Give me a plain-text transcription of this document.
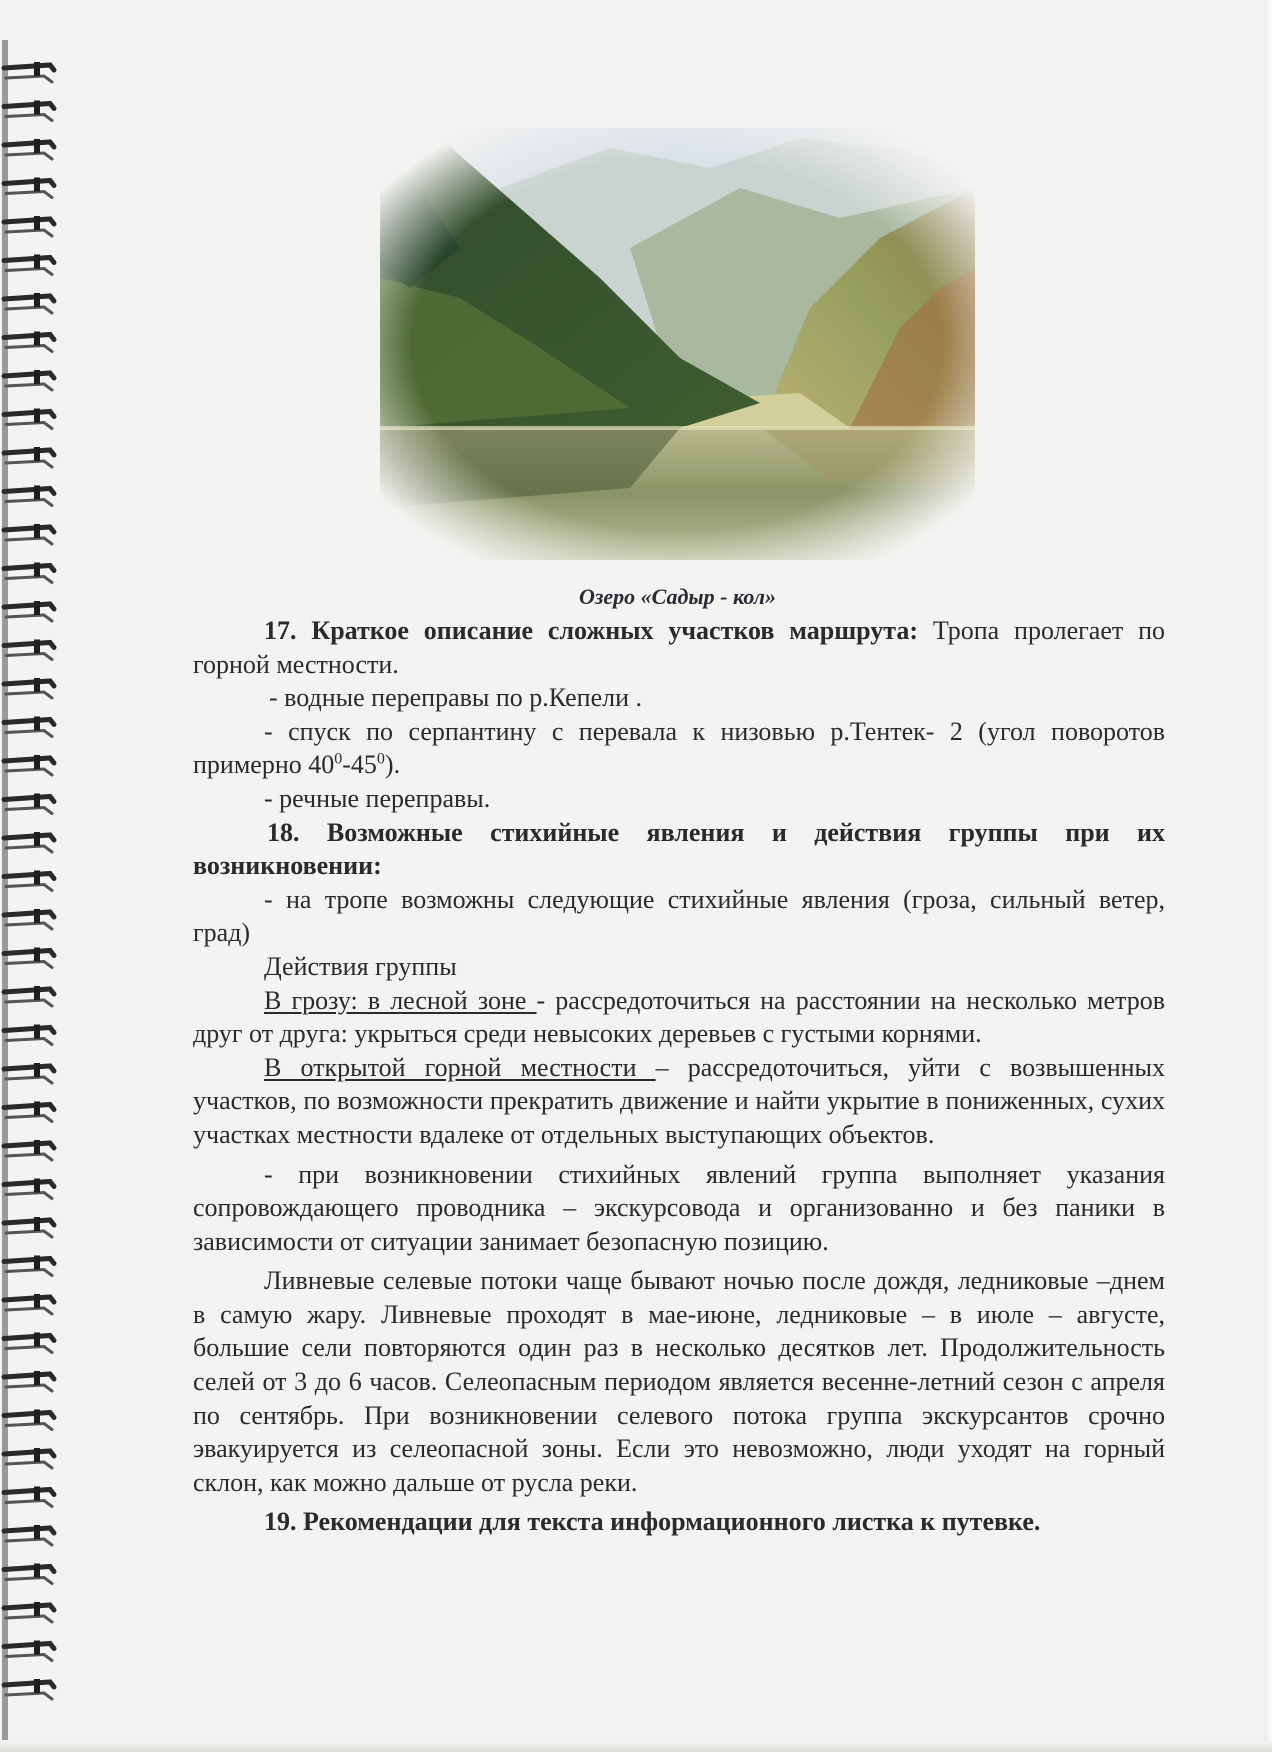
Озеро «Садыр - кол»

17. Краткое описание сложных участков маршрута: Тропа пролегает по горной местности.

- водные переправы по р.Кепели .

- спуск по серпантину с перевала к низовью р.Тентек- 2 (угол поворотов примерно $40^0-45^0$).

- речные переправы.

18. Возможные стихийные явления и действия группы при их возникновении:

- на тропе возможны следующие стихийные явления (гроза, сильный ветер, град)

Действия группы

В грозу: в лесной зоне - рассредоточиться на расстоянии на несколько метров друг от друга: укрыться среди невысоких деревьев с густыми корнями.

В открытой горной местности – рассредоточиться, уйти с возвышенных участков, по возможности прекратить движение и найти укрытие в пониженных, сухих участках местности вдалеке от отдельных выступающих объектов.

- при возникновении стихийных явлений группа выполняет указания сопровождающего проводника – экскурсовода и организованно и без паники в зависимости от ситуации занимает безопасную позицию.

Ливневые селевые потоки чаще бывают ночью после дождя, ледниковые –днем в самую жару. Ливневые проходят в мае-июне, ледниковые – в июле – августе, большие сели повторяются один раз в несколько десятков лет. Продолжительность селей от 3 до 6 часов. Селеопасным периодом является весенне-летний сезон с апреля по сентябрь. При возникновении селевого потока группа экскурсантов срочно эвакуируется из селеопасной зоны. Если это невозможно, люди уходят на горный склон, как можно дальше от русла реки.

19. Рекомендации для текста информационного листка к путевке.
